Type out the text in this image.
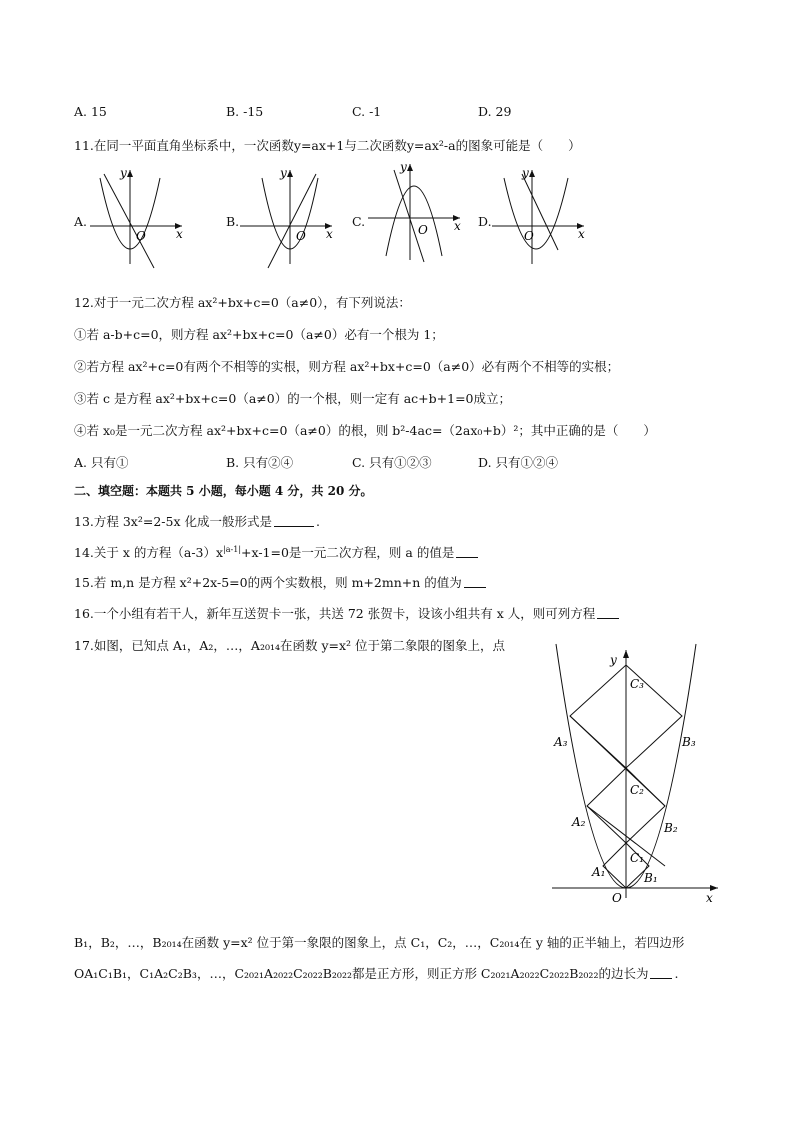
A. 15	B. -15	C. -1	D. 29
11.在同一平面直角坐标系中，一次函数y=ax+1与二次函数y=ax²-a的图象可能是（　　）
A.	B.	C.	D.
y
x
O
y
x
O
y
x
O
y
x
O
12.对于一元二次方程 ax²+bx+c=0（a≠0），有下列说法：
①若 a-b+c=0，则方程 ax²+bx+c=0（a≠0）必有一个根为 1；
②若方程 ax²+c=0有两个不相等的实根，则方程 ax²+bx+c=0（a≠0）必有两个不相等的实根；
③若 c 是方程 ax²+bx+c=0（a≠0）的一个根，则一定有 ac+b+1=0成立；
④若 x₀是一元二次方程 ax²+bx+c=0（a≠0）的根，则 b²-4ac=（2ax₀+b）²；其中正确的是（　　）
A. 只有①	B. 只有②④	C. 只有①②③	D. 只有①②④
二、填空题：本题共 5 小题，每小题 4 分，共 20 分。
13.方程 3x²=2-5x 化成一般形式是	.
14.关于 x 的方程$(a-3)x^{|a-1|}+x-1=0$是一元二次方程，则 a 的值是
15.若 m,n 是方程 x²+2x-5=0的两个实数根，则 m+2mn+n 的值为
16.一个小组有若干人，新年互送贺卡一张，共送 72 张贺卡，设该小组共有 x 人，则可列方程
17.如图，已知点 A₁，A₂，…，A₂₀₁₄在函数 y=x² 位于第二象限的图象上，点
y
x
O
C₃
A₃	B₃
C₂
A₂	B₂
C₁
A₁	B₁
B₁，B₂，…，B₂₀₁₄在函数 y=x² 位于第一象限的图象上，点 C₁，C₂，…，C₂₀₁₄在 y 轴的正半轴上，若四边形
OA₁C₁B₁，C₁A₂C₂B₃，…，C₂₀₂₁A₂₀₂₂C₂₀₂₂B₂₀₂₂都是正方形，则正方形 C₂₀₂₁A₂₀₂₂C₂₀₂₂B₂₀₂₂的边长为 .
